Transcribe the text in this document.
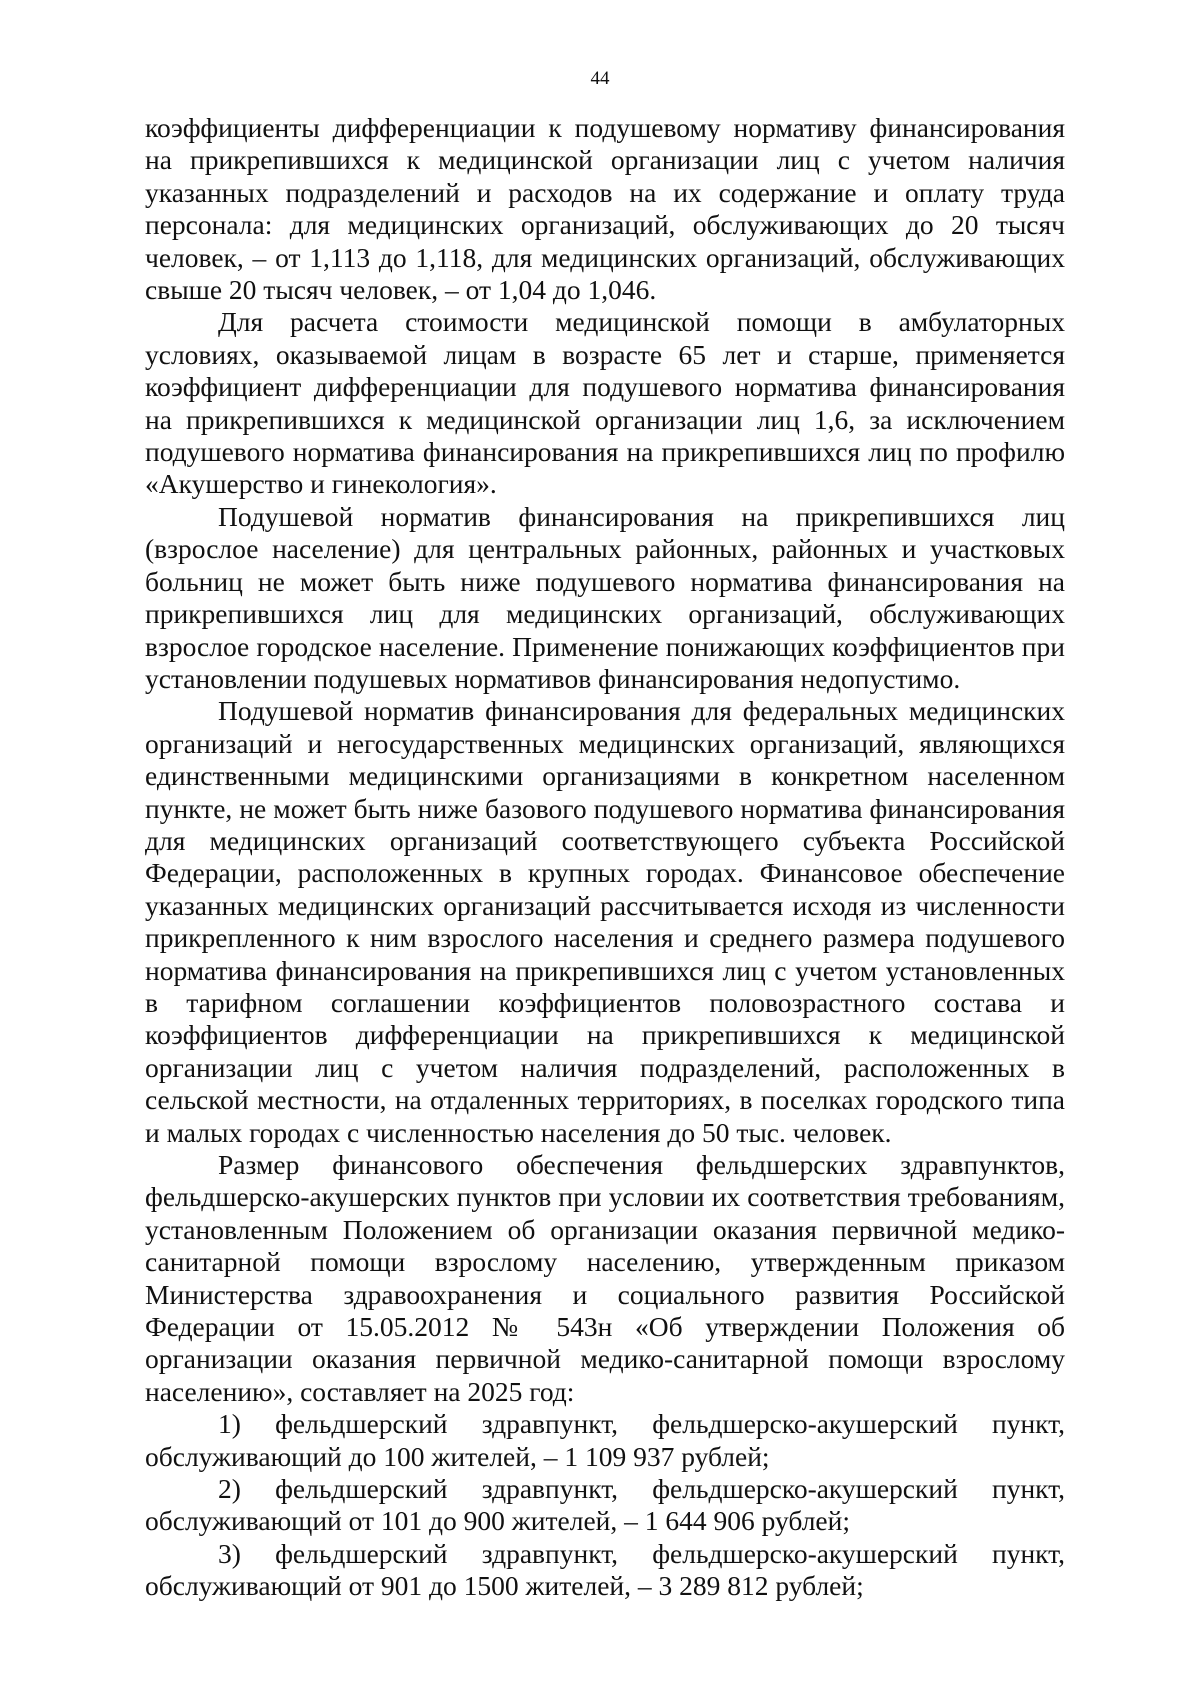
44

коэффициенты дифференциации к подушевому нормативу финансирования на прикрепившихся к медицинской организации лиц с учетом наличия указанных подразделений и расходов на их содержание и оплату труда персонала: для медицинских организаций, обслуживающих до 20 тысяч человек, – от 1,113 до 1,118, для медицинских организаций, обслуживающих свыше 20 тысяч человек, – от 1,04 до 1,046.

Для расчета стоимости медицинской помощи в амбулаторных условиях, оказываемой лицам в возрасте 65 лет и старше, применяется коэффициент дифференциации для подушевого норматива финансирования на прикрепившихся к медицинской организации лиц 1,6, за исключением подушевого норматива финансирования на прикрепившихся лиц по профилю «Акушерство и гинекология».

Подушевой норматив финансирования на прикрепившихся лиц (взрослое население) для центральных районных, районных и участковых больниц не может быть ниже подушевого норматива финансирования на прикрепившихся лиц для медицинских организаций, обслуживающих взрослое городское население. Применение понижающих коэффициентов при установлении подушевых нормативов финансирования недопустимо.

Подушевой норматив финансирования для федеральных медицинских организаций и негосударственных медицинских организаций, являющихся единственными медицинскими организациями в конкретном населенном пункте, не может быть ниже базового подушевого норматива финансирования для медицинских организаций соответствующего субъекта Российской Федерации, расположенных в крупных городах. Финансовое обеспечение указанных медицинских организаций рассчитывается исходя из численности прикрепленного к ним взрослого населения и среднего размера подушевого норматива финансирования на прикрепившихся лиц с учетом установленных в тарифном соглашении коэффициентов половозрастного состава и коэффициентов дифференциации на прикрепившихся к медицинской организации лиц с учетом наличия подразделений, расположенных в сельской местности, на отдаленных территориях, в поселках городского типа и малых городах с численностью населения до 50 тыс. человек.

Размер финансового обеспечения фельдшерских здравпунктов, фельдшерско-акушерских пунктов при условии их соответствия требованиям, установленным Положением об организации оказания первичной медико-санитарной помощи взрослому населению, утвержденным приказом Министерства здравоохранения и социального развития Российской Федерации от 15.05.2012 № 543н «Об утверждении Положения об организации оказания первичной медико-санитарной помощи взрослому населению», составляет на 2025 год:

1) фельдшерский здравпункт, фельдшерско-акушерский пункт, обслуживающий до 100 жителей, – 1 109 937 рублей;

2) фельдшерский здравпункт, фельдшерско-акушерский пункт, обслуживающий от 101 до 900 жителей, – 1 644 906 рублей;

3) фельдшерский здравпункт, фельдшерско-акушерский пункт, обслуживающий от 901 до 1500 жителей, – 3 289 812 рублей;
